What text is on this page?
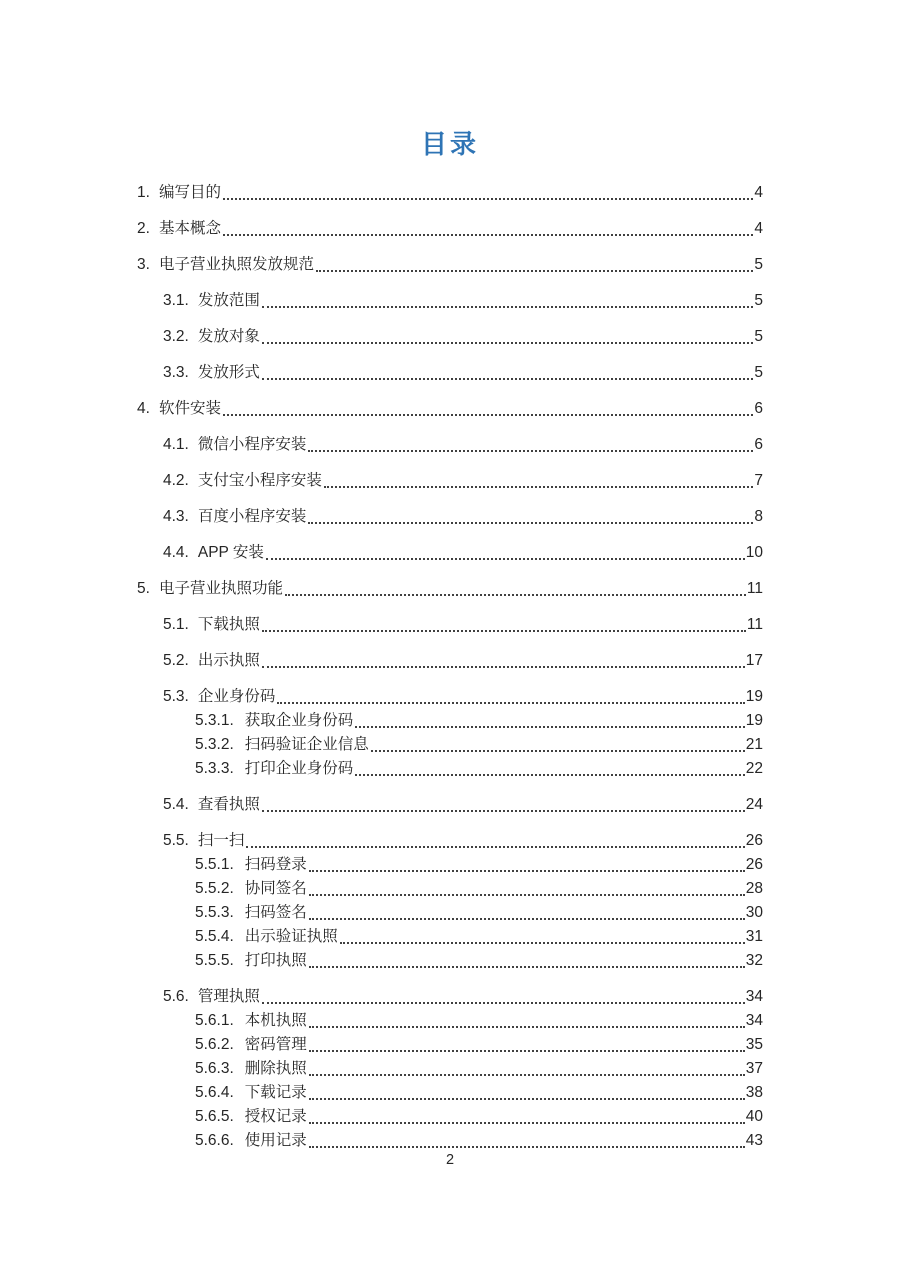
目录
1. 编写目的	4
2. 基本概念	4
3. 电子营业执照发放规范	5
3.1. 发放范围	5
3.2. 发放对象	5
3.3. 发放形式	5
4. 软件安装	6
4.1. 微信小程序安装	6
4.2. 支付宝小程序安装	7
4.3. 百度小程序安装	8
4.4. APP 安装	10
5. 电子营业执照功能	11
5.1. 下载执照	11
5.2. 出示执照	17
5.3. 企业身份码	19
5.3.1. 获取企业身份码	19
5.3.2. 扫码验证企业信息	21
5.3.3. 打印企业身份码	22
5.4. 查看执照	24
5.5. 扫一扫	26
5.5.1. 扫码登录	26
5.5.2. 协同签名	28
5.5.3. 扫码签名	30
5.5.4. 出示验证执照	31
5.5.5. 打印执照	32
5.6. 管理执照	34
5.6.1. 本机执照	34
5.6.2. 密码管理	35
5.6.3. 删除执照	37
5.6.4. 下载记录	38
5.6.5. 授权记录	40
5.6.6. 使用记录	43
2
